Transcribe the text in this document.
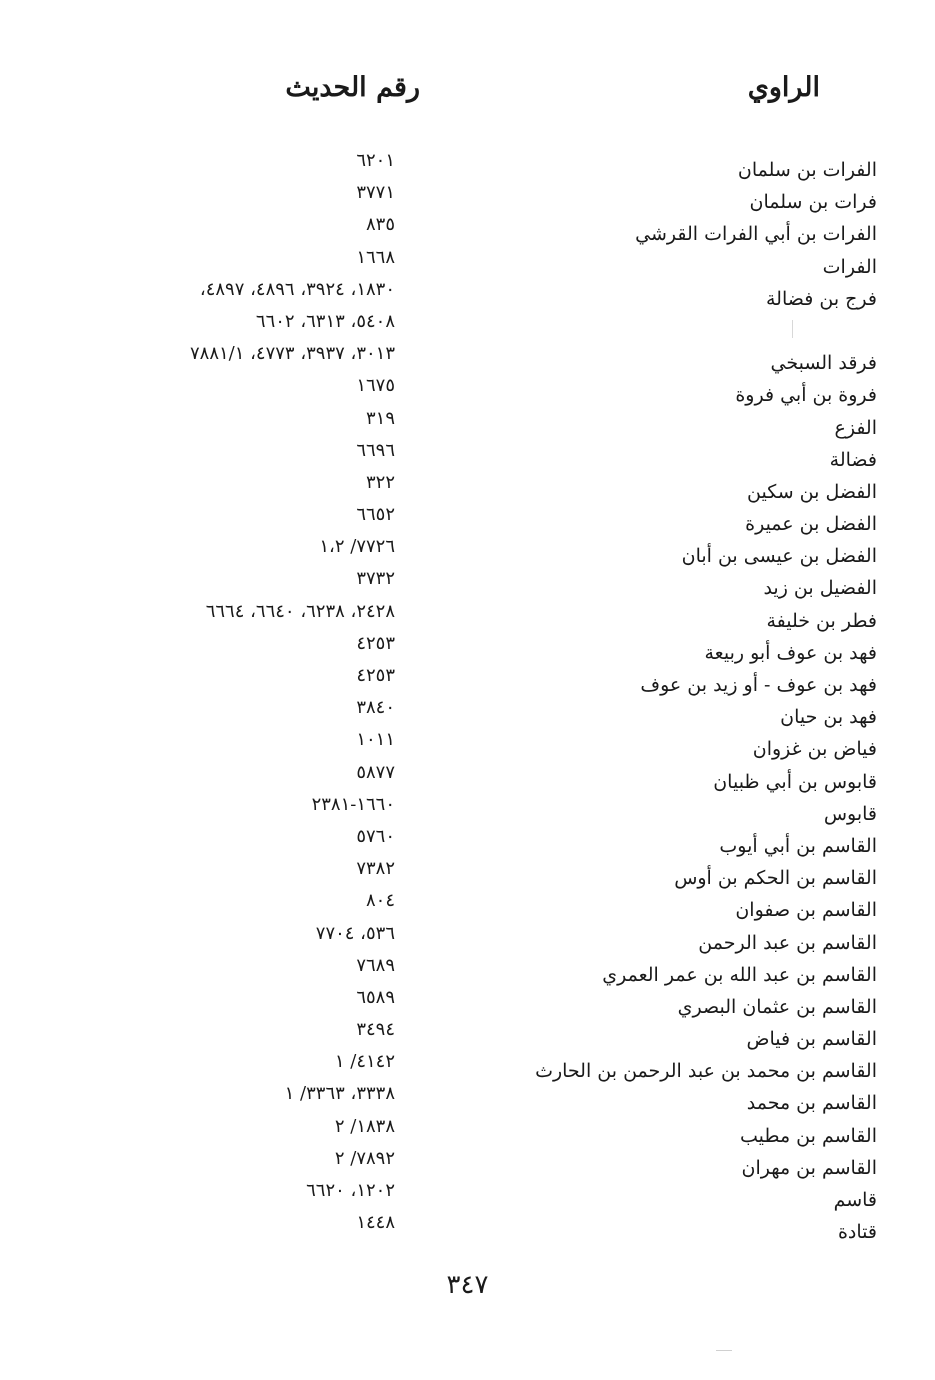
الراوي
رقم الحديث
الفرات بن سلمان
٦٢٠١
فرات بن سلمان
٣٧٧١
الفرات بن أبي الفرات القرشي
٨٣٥
الفرات
١٦٦٨
فرج بن فضالة
١٨٣٠، ٣٩٢٤، ٤٨٩٦، ٤٨٩٧،
٥٤٠٨، ٦٣١٣، ٦٦٠٢
فرقد السبخي
٣٠١٣، ٣٩٣٧، ٤٧٧٣، ٧٨٨١/١
فروة بن أبي فروة
١٦٧٥
الفزع
٣١٩
فضالة
٦٦٩٦
الفضل بن سكين
٣٢٢
الفضل بن عميرة
٦٦٥٢
الفضل بن عيسى بن أبان
٧٧٢٦/ ١،٢
الفضيل بن زيد
٣٧٣٢
فطر بن خليفة
٢٤٢٨، ٦٢٣٨، ٦٦٤٠، ٦٦٦٤
فهد بن عوف أبو ربيعة
٤٢٥٣
فهد بن عوف - أو زيد بن عوف
٤٢٥٣
فهد بن حيان
٣٨٤٠
فياض بن غزوان
١٠١١
قابوس بن أبي ظبيان
٥٨٧٧
قابوس
١٦٦٠-٢٣٨١
القاسم بن أبي أيوب
٥٧٦٠
القاسم بن الحكم بن أوس
٧٣٨٢
القاسم بن صفوان
٨٠٤
القاسم بن عبد الرحمن
٥٣٦، ٧٧٠٤
القاسم بن عبد الله بن عمر العمري
٧٦٨٩
القاسم بن عثمان البصري
٦٥٨٩
القاسم بن فياض
٣٤٩٤
القاسم بن محمد بن عبد الرحمن بن الحارث
٤١٤٢/ ١
القاسم بن محمد
٣٣٣٨، ٣٣٦٣/ ١
القاسم بن مطيب
١٨٣٨/ ٢
القاسم بن مهران
٧٨٩٢/ ٢
قاسم
١٢٠٢، ٦٦٢٠
قتادة
١٤٤٨
٣٤٧
